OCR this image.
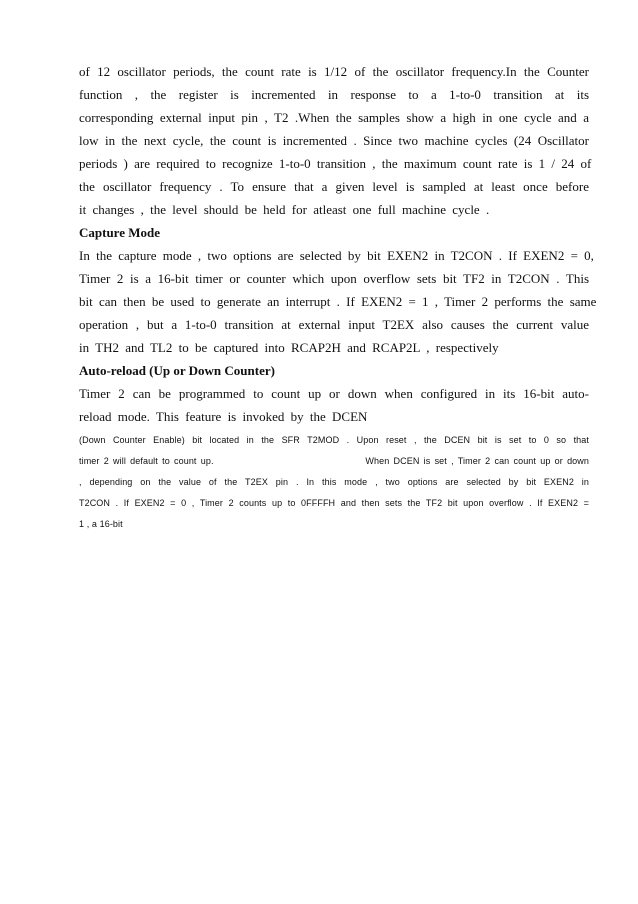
of 12 oscillator periods, the count rate is 1/12 of the oscillator frequency.In the Counter
function , the register is incremented in response to a 1-to-0 transition at its
corresponding external input pin , T2 .When the samples show a high in one cycle and a
low in the next cycle, the count is incremented . Since two machine cycles (24 Oscillator
periods ) are required to recognize 1-to-0 transition , the maximum count rate is 1 / 24 of
the oscillator frequency . To ensure that a given level is sampled at least once before
it changes , the level should be held for atleast one full machine cycle .
Capture Mode
In the capture mode , two options are selected by bit EXEN2 in T2CON . If EXEN2 = 0,
Timer 2 is a 16-bit timer or counter which upon overflow sets bit TF2 in T2CON . This
bit can then be used to generate an interrupt . If EXEN2 = 1 , Timer 2 performs the same
operation , but a 1-to-0 transition at external input T2EX also causes the current value
in TH2 and TL2 to be captured into RCAP2H and RCAP2L , respectively
Auto-reload (Up or Down Counter)
Timer 2 can be programmed to count up or down when configured in its 16-bit auto-
reload mode. This feature is invoked by the DCEN
(Down Counter Enable) bit located in the SFR T2MOD . Upon reset , the DCEN bit is set to 0 so that
timer 2 will default to count up.                                    When DCEN is set , Timer 2 can count up or down
, depending on the value of the T2EX pin . In this mode , two options are selected by bit EXEN2 in
T2CON . If EXEN2 = 0 , Timer 2 counts up to 0FFFFH and then sets the TF2 bit upon overflow . If EXEN2 =
1 , a 16-bit
